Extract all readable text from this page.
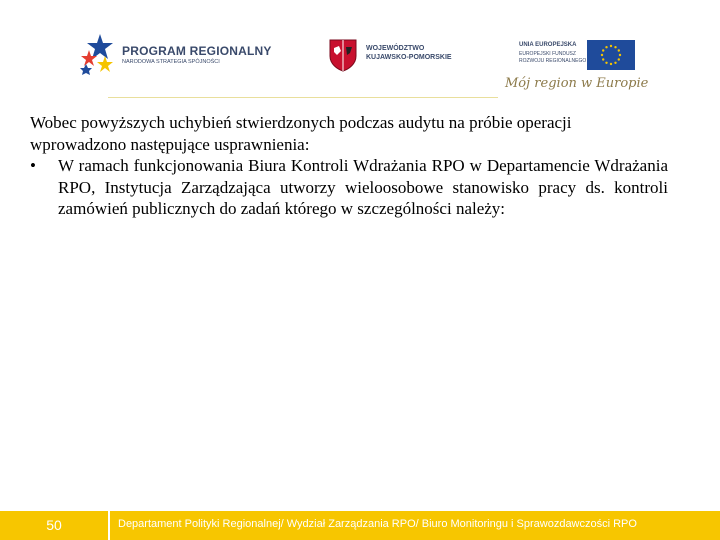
PROGRAM REGIONALNY
NARODOWA STRATEGIA SPÓJNOŚCI
WOJEWÓDZTWO
KUJAWSKO-POMORSKIE
UNIA EUROPEJSKA
EUROPEJSKI FUNDUSZ
ROZWOJU REGIONALNEGO
Mój region w Europie

Wobec powyższych uchybień stwierdzonych podczas audytu na próbie operacji wprowadzono następujące usprawnienia:

•	W ramach funkcjonowania Biura Kontroli Wdrażania RPO w Departamencie Wdrażania RPO, Instytucja Zarządzająca utworzy wieloosobowe stanowisko pracy ds. kontroli zamówień publicznych do zadań którego w szczególności należy:
50	Departament Polityki Regionalnej/ Wydział Zarządzania RPO/ Biuro Monitoringu i Sprawozdawczości RPO
